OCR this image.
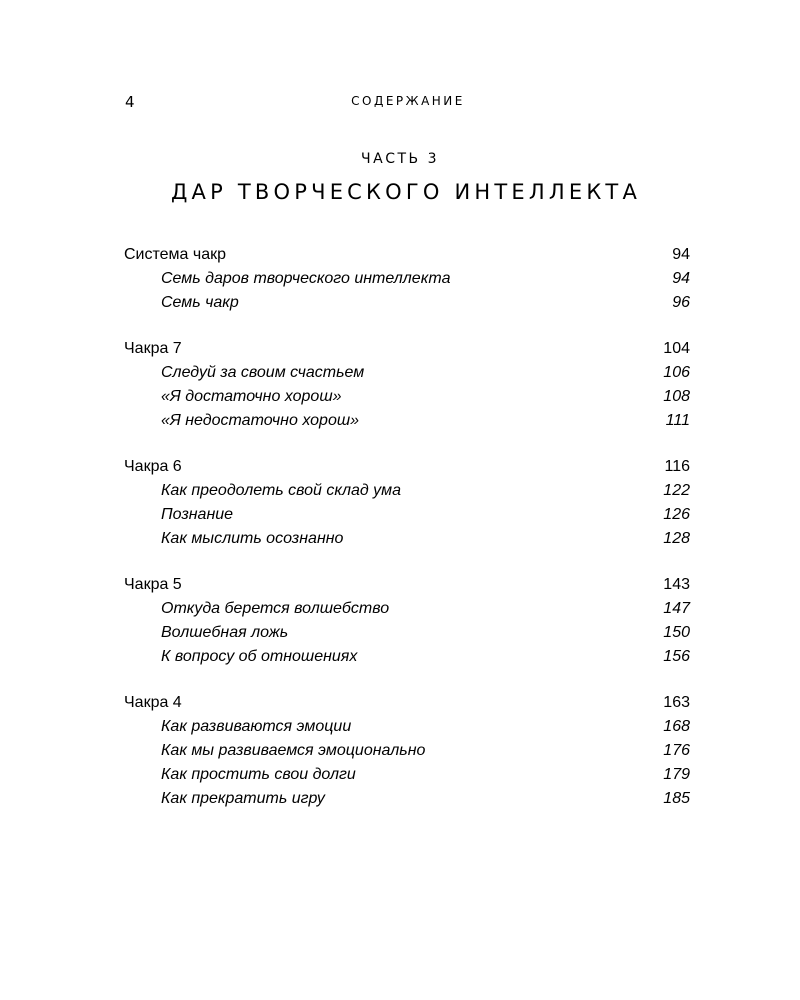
4	СОДЕРЖАНИЕ
ЧАСТЬ 3
ДАР ТВОРЧЕСКОГО ИНТЕЛЛЕКТА
Система чакр	94
Семь даров творческого интеллекта	94
Семь чакр	96
Чакра 7	104
Следуй за своим счастьем	106
«Я достаточно хорош»	108
«Я недостаточно хорош»	111
Чакра 6	116
Как преодолеть свой склад ума	122
Познание	126
Как мыслить осознанно	128
Чакра 5	143
Откуда берется волшебство	147
Волшебная ложь	150
К вопросу об отношениях	156
Чакра 4	163
Как развиваются эмоции	168
Как мы развиваемся эмоционально	176
Как простить свои долги	179
Как прекратить игру	185
